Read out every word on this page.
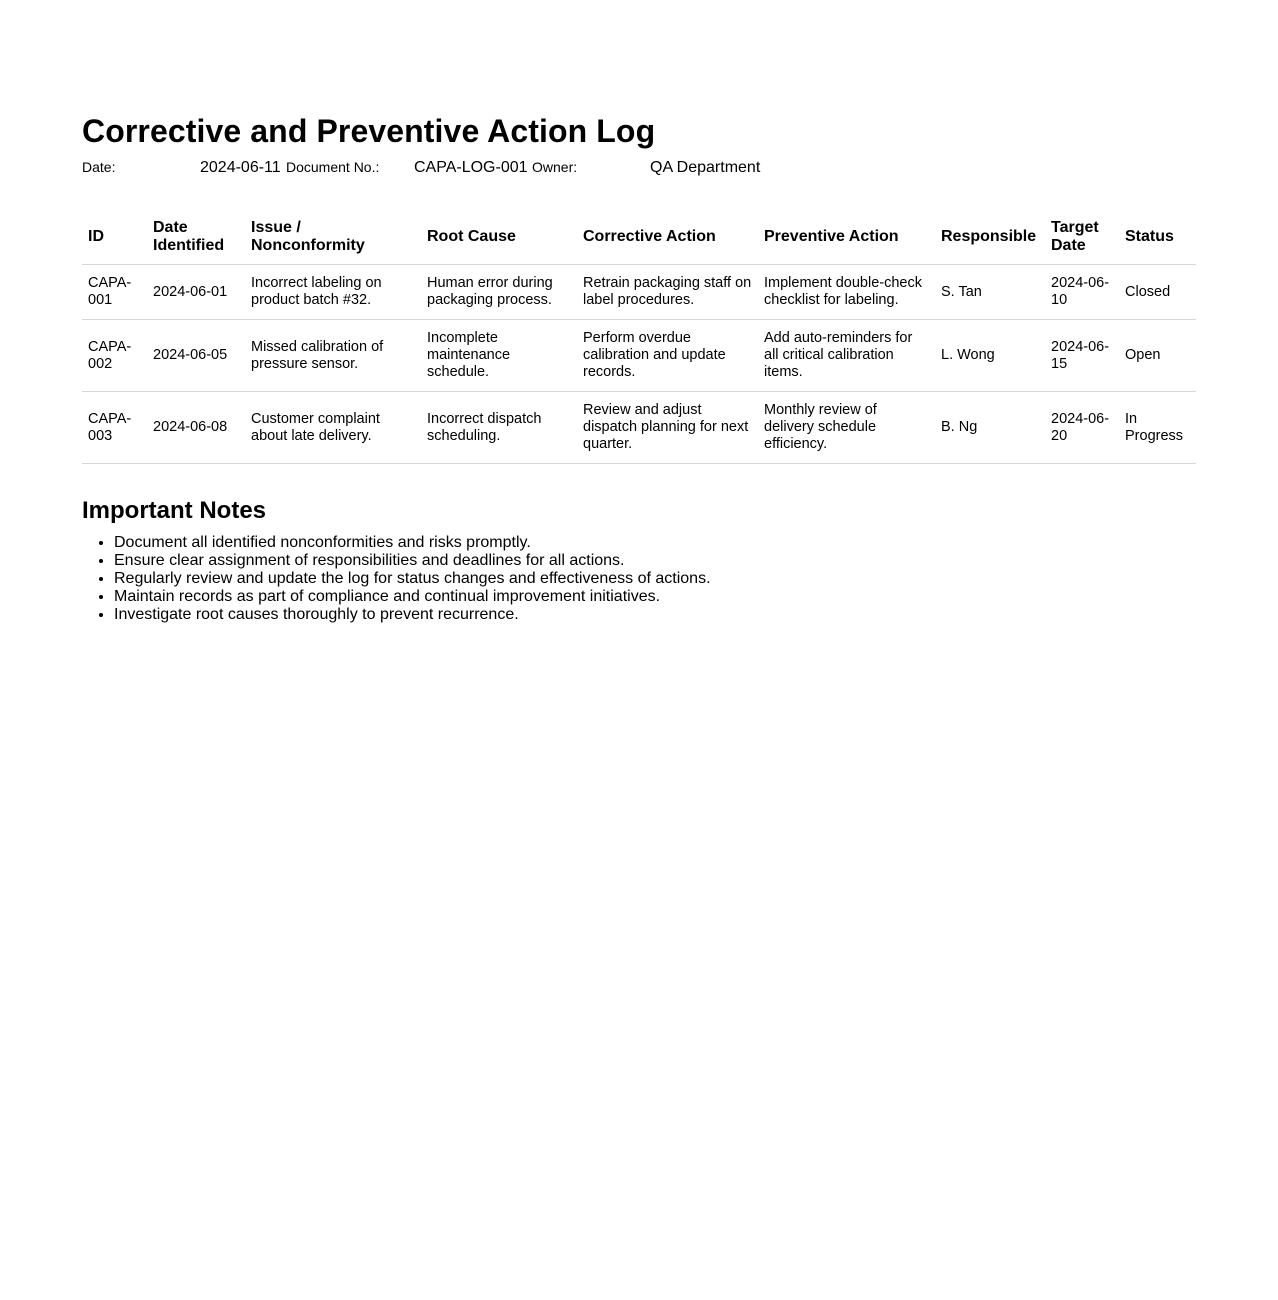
Corrective and Preventive Action Log
Date:	2024-06-11 Document No.:	CAPA-LOG-001 Owner:	QA Department
ID	Date Identified	Issue / Nonconformity	Root Cause	Corrective Action	Preventive Action	Responsible	Target Date	Status
CAPA-001	2024-06-01	Incorrect labeling on product batch #32.	Human error during packaging process.	Retrain packaging staff on label procedures.	Implement double-check checklist for labeling.	S. Tan	2024-06-10	Closed
CAPA-002	2024-06-05	Missed calibration of pressure sensor.	Incomplete maintenance schedule.	Perform overdue calibration and update records.	Add auto-reminders for all critical calibration items.	L. Wong	2024-06-15	Open
CAPA-003	2024-06-08	Customer complaint about late delivery.	Incorrect dispatch scheduling.	Review and adjust dispatch planning for next quarter.	Monthly review of delivery schedule efficiency.	B. Ng	2024-06-20	In Progress
Important Notes
• Document all identified nonconformities and risks promptly.
• Ensure clear assignment of responsibilities and deadlines for all actions.
• Regularly review and update the log for status changes and effectiveness of actions.
• Maintain records as part of compliance and continual improvement initiatives.
• Investigate root causes thoroughly to prevent recurrence.
